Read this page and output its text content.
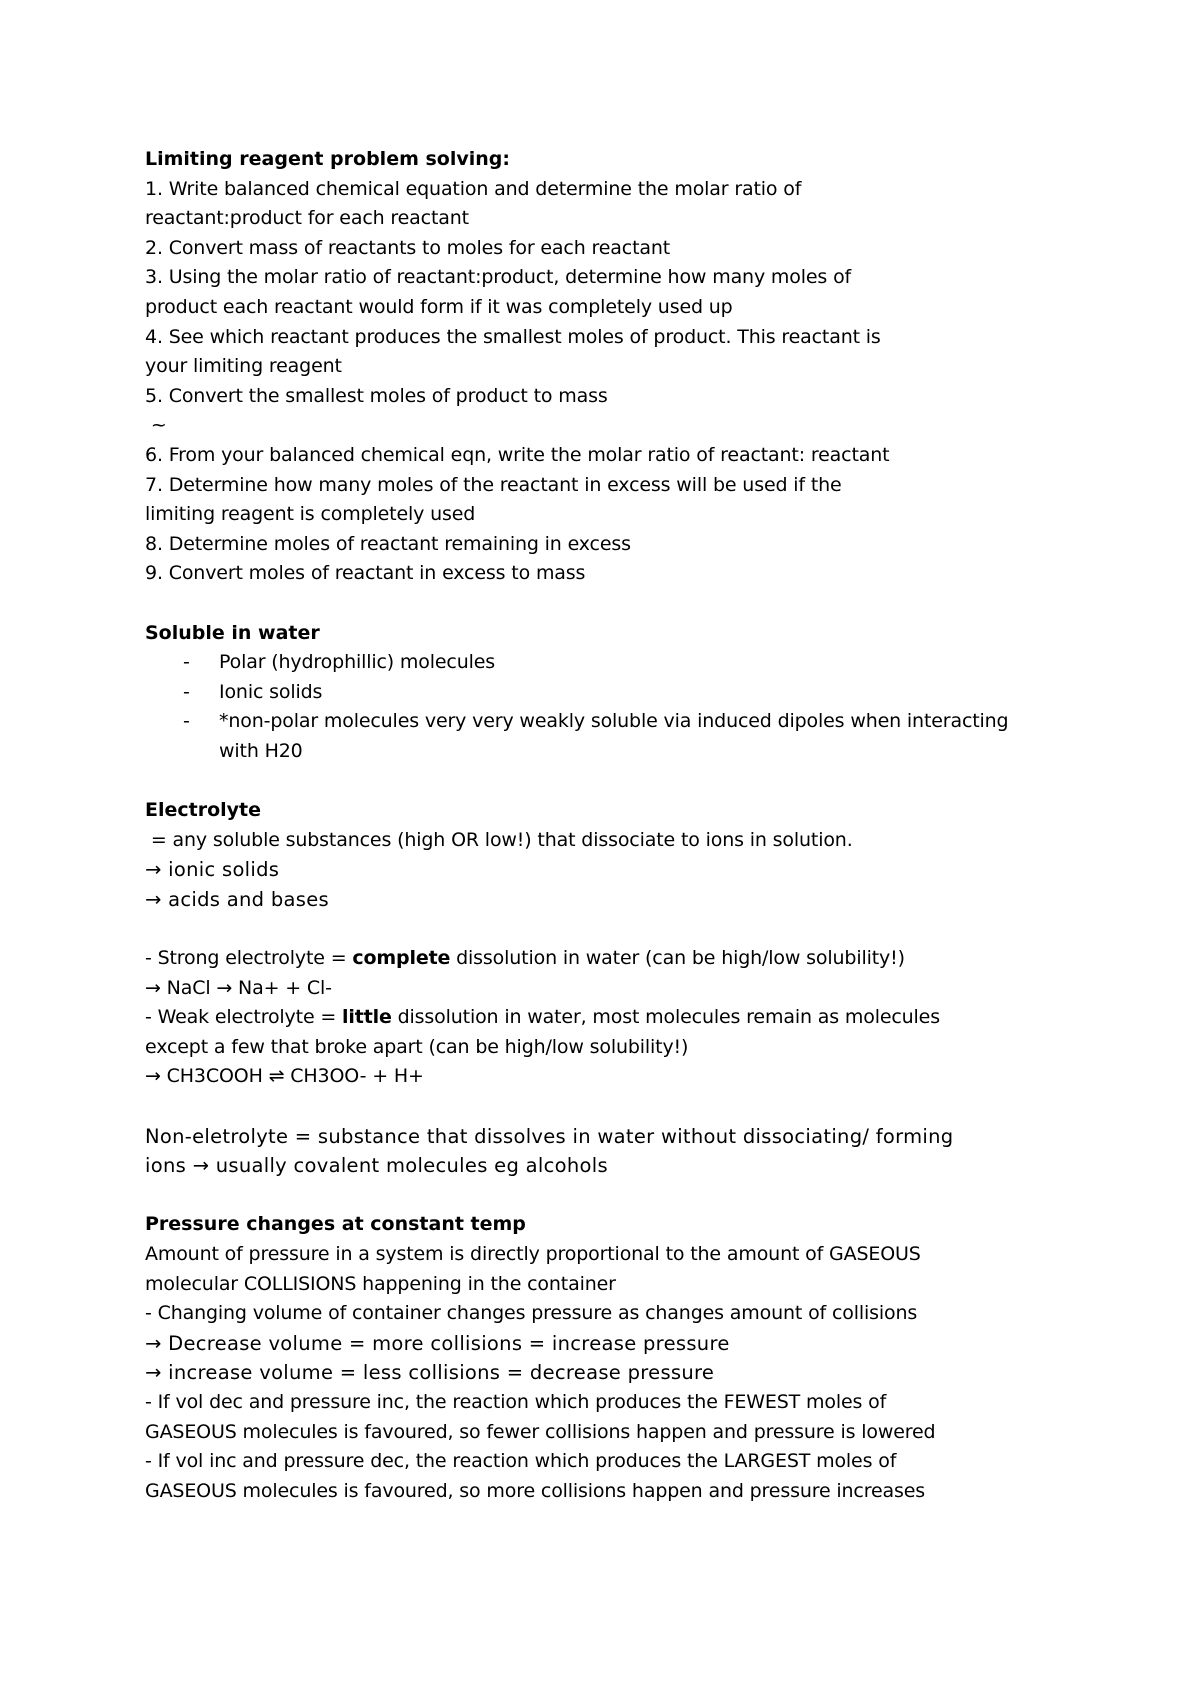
Limiting reagent problem solving:
1. Write balanced chemical equation and determine the molar ratio of
reactant:product for each reactant
2. Convert mass of reactants to moles for each reactant
3. Using the molar ratio of reactant:product, determine how many moles of
product each reactant would form if it was completely used up
4. See which reactant produces the smallest moles of product. This reactant is
your limiting reagent
5. Convert the smallest moles of product to mass
~
6. From your balanced chemical eqn, write the molar ratio of reactant: reactant
7. Determine how many moles of the reactant in excess will be used if the
limiting reagent is completely used
8. Determine moles of reactant remaining in excess
9. Convert moles of reactant in excess to mass
Soluble in water
- Polar (hydrophillic) molecules
- Ionic solids
- *non-polar molecules very very weakly soluble via induced dipoles when interacting
with H20
Electrolyte
= any soluble substances (high OR low!) that dissociate to ions in solution.
→ ionic solids
→ acids and bases
- Strong electrolyte = complete dissolution in water (can be high/low solubility!)
→ NaCl → Na+ + Cl-
- Weak electrolyte = little dissolution in water, most molecules remain as molecules
except a few that broke apart (can be high/low solubility!)
→ CH3COOH ⇌ CH3OO- + H+
Non-eletrolyte = substance that dissolves in water without dissociating/ forming
ions → usually covalent molecules eg alcohols
Pressure changes at constant temp
Amount of pressure in a system is directly proportional to the amount of GASEOUS
molecular COLLISIONS happening in the container
- Changing volume of container changes pressure as changes amount of collisions
→ Decrease volume = more collisions = increase pressure
→ increase volume = less collisions = decrease pressure
- If vol dec and pressure inc, the reaction which produces the FEWEST moles of
GASEOUS molecules is favoured, so fewer collisions happen and pressure is lowered
- If vol inc and pressure dec, the reaction which produces the LARGEST moles of
GASEOUS molecules is favoured, so more collisions happen and pressure increases
